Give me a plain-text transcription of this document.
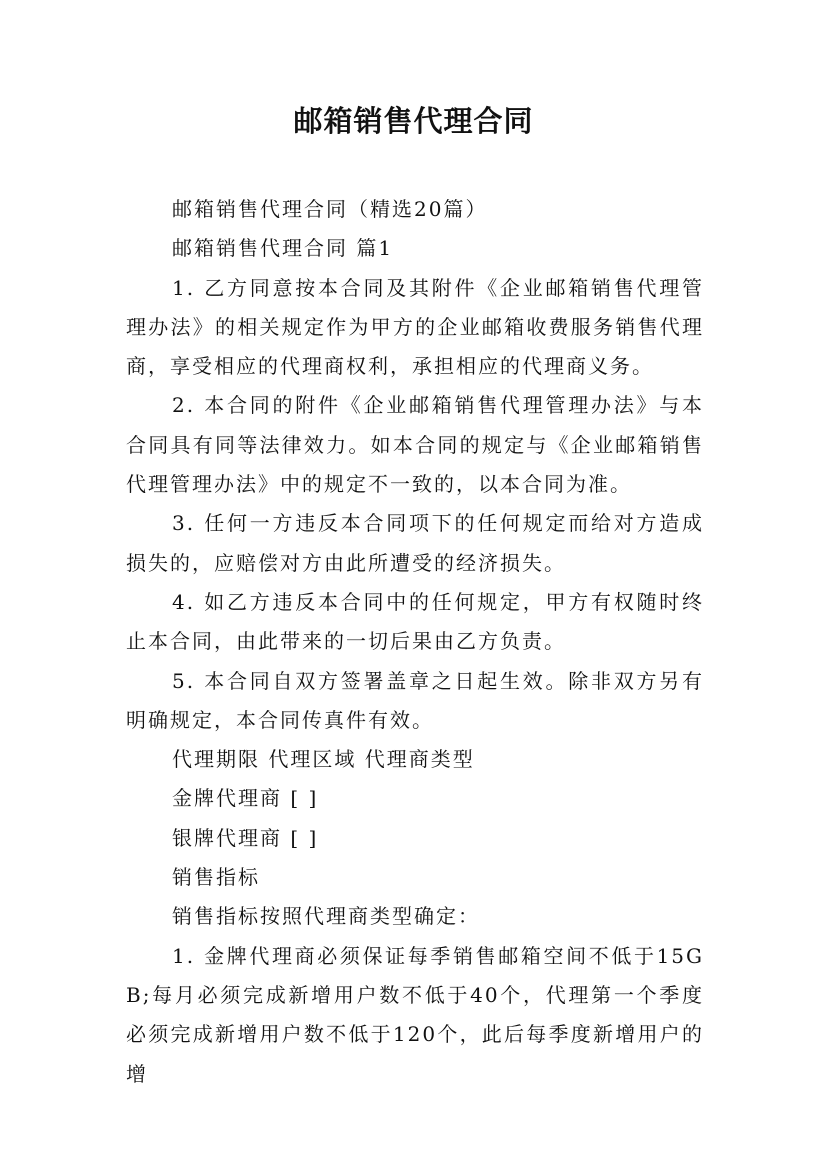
邮箱销售代理合同

邮箱销售代理合同（精选20篇）

邮箱销售代理合同 篇1

1. 乙方同意按本合同及其附件《企业邮箱销售代理管理办法》的相关规定作为甲方的企业邮箱收费服务销售代理商，享受相应的代理商权利，承担相应的代理商义务。

2. 本合同的附件《企业邮箱销售代理管理办法》与本合同具有同等法律效力。如本合同的规定与《企业邮箱销售代理管理办法》中的规定不一致的，以本合同为准。

3. 任何一方违反本合同项下的任何规定而给对方造成损失的，应赔偿对方由此所遭受的经济损失。

4. 如乙方违反本合同中的任何规定，甲方有权随时终止本合同，由此带来的一切后果由乙方负责。

5. 本合同自双方签署盖章之日起生效。除非双方另有明确规定，本合同传真件有效。

代理期限 代理区域 代理商类型

金牌代理商 [ ]

银牌代理商 [ ]

销售指标

销售指标按照代理商类型确定：

1. 金牌代理商必须保证每季销售邮箱空间不低于15GB;每月必须完成新增用户数不低于40个，代理第一个季度必须完成新增用户数不低于120个，此后每季度新增用户的增
